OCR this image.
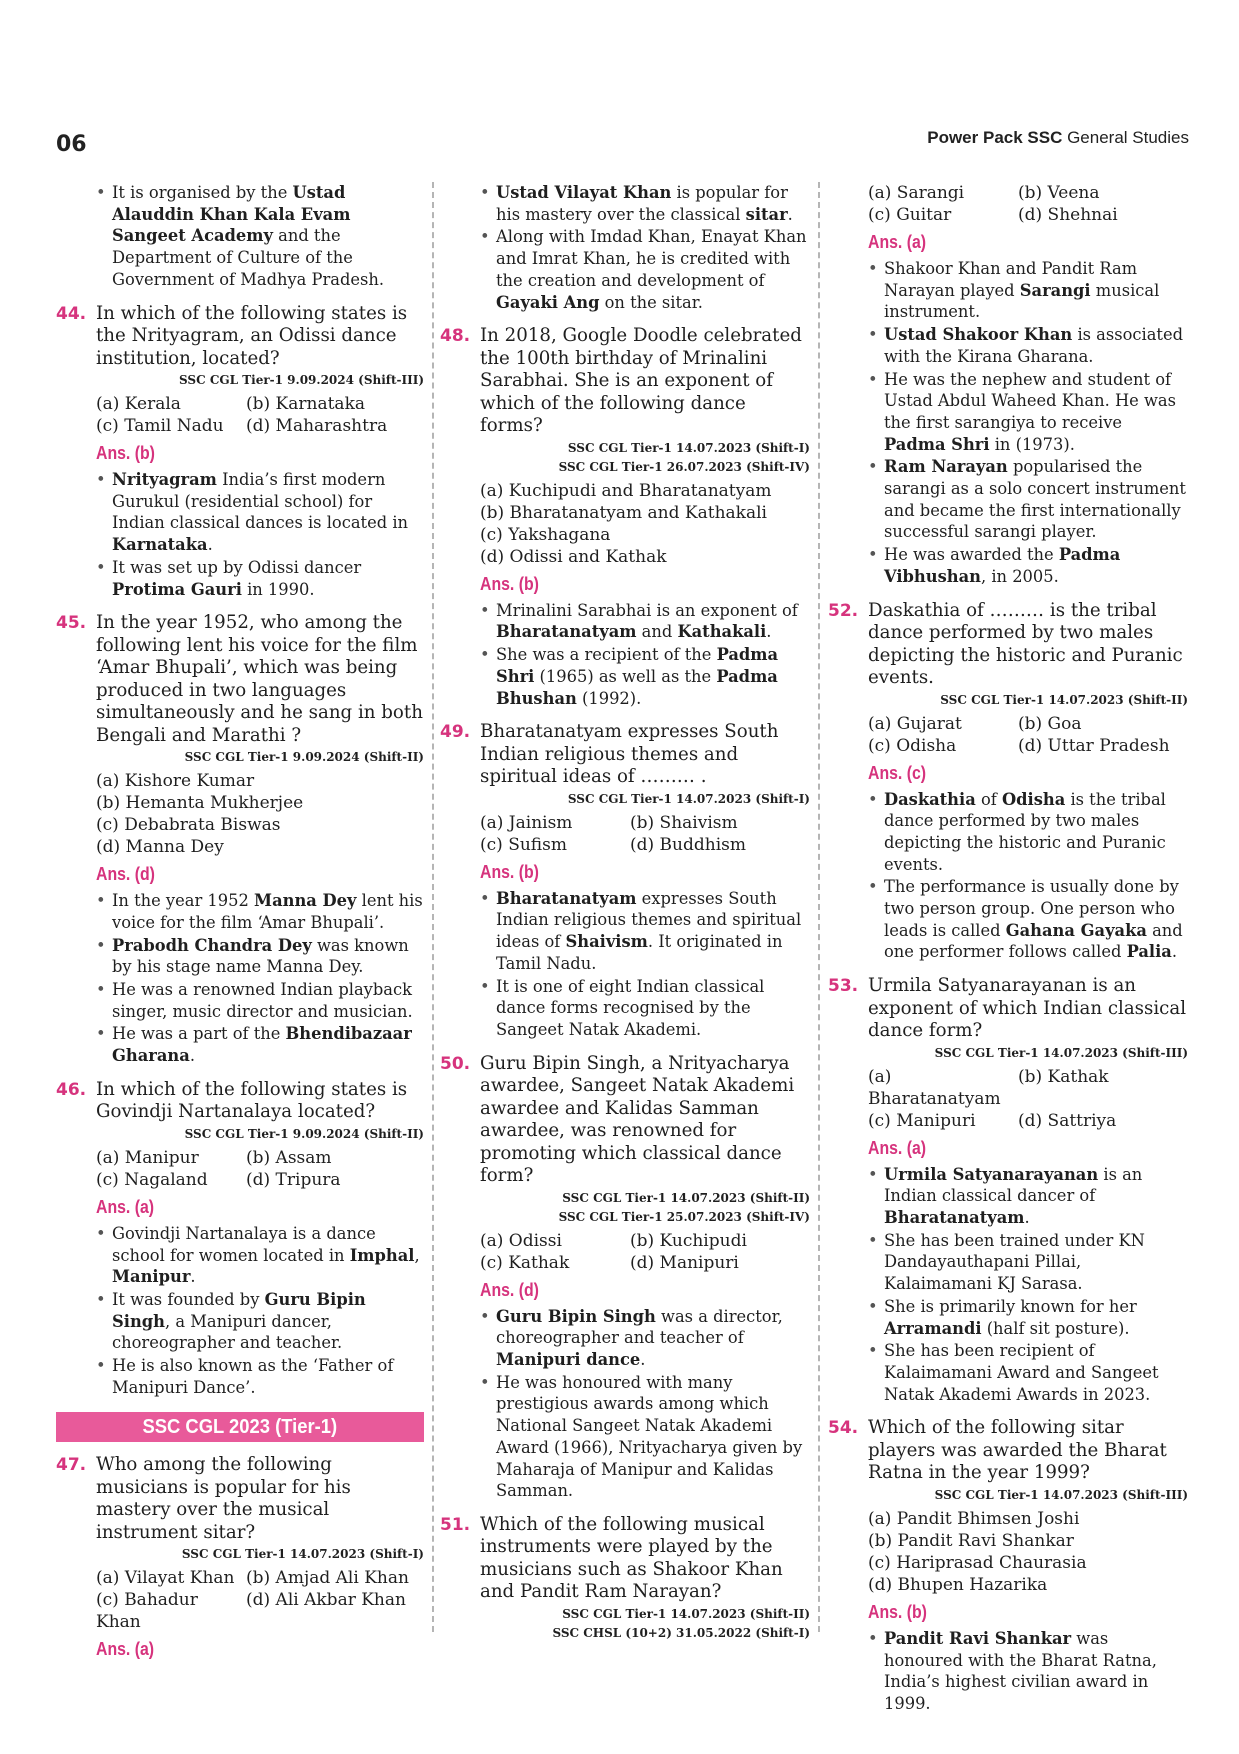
06	Power Pack SSC General Studies
• It is organised by the Ustad Alauddin Khan Kala Evam Sangeet Academy and the Department of Culture of the Government of Madhya Pradesh.
44. In which of the following states is the Nrityagram, an Odissi dance institution, located?
SSC CGL Tier-1 9.09.2024 (Shift-III)
(a) Kerala	(b) Karnataka
(c) Tamil Nadu	(d) Maharashtra
Ans. (b)
• Nrityagram India’s first modern Gurukul (residential school) for Indian classical dances is located in Karnataka.
• It was set up by Odissi dancer Protima Gauri in 1990.
45. In the year 1952, who among the following lent his voice for the film ‘Amar Bhupali’, which was being produced in two languages simultaneously and he sang in both Bengali and Marathi ?
SSC CGL Tier-1 9.09.2024 (Shift-II)
(a) Kishore Kumar
(b) Hemanta Mukherjee
(c) Debabrata Biswas
(d) Manna Dey
Ans. (d)
• In the year 1952 Manna Dey lent his voice for the film ‘Amar Bhupali’.
• Prabodh Chandra Dey was known by his stage name Manna Dey.
• He was a renowned Indian playback singer, music director and musician.
• He was a part of the Bhendibazaar Gharana.
46. In which of the following states is Govindji Nartanalaya located?
SSC CGL Tier-1 9.09.2024 (Shift-II)
(a) Manipur	(b) Assam
(c) Nagaland	(d) Tripura
Ans. (a)
• Govindji Nartanalaya is a dance school for women located in Imphal, Manipur.
• It was founded by Guru Bipin Singh, a Manipuri dancer, choreographer and teacher.
• He is also known as the ‘Father of Manipuri Dance’.
SSC CGL 2023 (Tier-1)
47. Who among the following musicians is popular for his mastery over the musical instrument sitar?
SSC CGL Tier-1 14.07.2023 (Shift-I)
(a) Vilayat Khan (b) Amjad Ali Khan
(c) Bahadur Khan
(d) Ali Akbar Khan
Ans. (a)
• Ustad Vilayat Khan is popular for his mastery over the classical sitar.
• Along with Imdad Khan, Enayat Khan and Imrat Khan, he is credited with the creation and development of Gayaki Ang on the sitar.
48. In 2018, Google Doodle celebrated the 100th birthday of Mrinalini Sarabhai. She is an exponent of which of the following dance forms?
SSC CGL Tier-1 14.07.2023 (Shift-I)
SSC CGL Tier-1 26.07.2023 (Shift-IV)
(a) Kuchipudi and Bharatanatyam
(b) Bharatanatyam and Kathakali
(c) Yakshagana
(d) Odissi and Kathak
Ans. (b)
• Mrinalini Sarabhai is an exponent of Bharatanatyam and Kathakali.
• She was a recipient of the Padma Shri (1965) as well as the Padma Bhushan (1992).
49. Bharatanatyam expresses South Indian religious themes and spiritual ideas of ……… .
SSC CGL Tier-1 14.07.2023 (Shift-I)
(a) Jainism	(b) Shaivism
(c) Sufism	(d) Buddhism
Ans. (b)
• Bharatanatyam expresses South Indian religious themes and spiritual ideas of Shaivism. It originated in Tamil Nadu.
• It is one of eight Indian classical dance forms recognised by the Sangeet Natak Akademi.
50. Guru Bipin Singh, a Nrityacharya awardee, Sangeet Natak Akademi awardee and Kalidas Samman awardee, was renowned for promoting which classical dance form?
SSC CGL Tier-1 14.07.2023 (Shift-II)
SSC CGL Tier-1 25.07.2023 (Shift-IV)
(a) Odissi	(b) Kuchipudi
(c) Kathak	(d) Manipuri
Ans. (d)
• Guru Bipin Singh was a director, choreographer and teacher of Manipuri dance.
• He was honoured with many prestigious awards among which National Sangeet Natak Akademi Award (1966), Nrityacharya given by Maharaja of Manipur and Kalidas Samman.
51. Which of the following musical instruments were played by the musicians such as Shakoor Khan and Pandit Ram Narayan?
SSC CGL Tier-1 14.07.2023 (Shift-II)
SSC CHSL (10+2) 31.05.2022 (Shift-I)
(a) Sarangi	(b) Veena
(c) Guitar	(d) Shehnai
Ans. (a)
• Shakoor Khan and Pandit Ram Narayan played Sarangi musical instrument.
• Ustad Shakoor Khan is associated with the Kirana Gharana.
• He was the nephew and student of Ustad Abdul Waheed Khan. He was the first sarangiya to receive Padma Shri in (1973).
• Ram Narayan popularised the sarangi as a solo concert instrument and became the first internationally successful sarangi player.
• He was awarded the Padma Vibhushan, in 2005.
52. Daskathia of ……… is the tribal dance performed by two males depicting the historic and Puranic events.
SSC CGL Tier-1 14.07.2023 (Shift-II)
(a) Gujarat	(b) Goa
(c) Odisha	(d) Uttar Pradesh
Ans. (c)
• Daskathia of Odisha is the tribal dance performed by two males depicting the historic and Puranic events.
• The performance is usually done by two person group. One person who leads is called Gahana Gayaka and one performer follows called Palia.
53. Urmila Satyanarayanan is an exponent of which Indian classical dance form?
SSC CGL Tier-1 14.07.2023 (Shift-III)
(a) Bharatanatyam
(b) Kathak
(c) Manipuri	(d) Sattriya
Ans. (a)
• Urmila Satyanarayanan is an Indian classical dancer of Bharatanatyam.
• She has been trained under KN Dandayauthapani Pillai, Kalaimamani KJ Sarasa.
• She is primarily known for her Arramandi (half sit posture).
• She has been recipient of Kalaimamani Award and Sangeet Natak Akademi Awards in 2023.
54. Which of the following sitar players was awarded the Bharat Ratna in the year 1999?
SSC CGL Tier-1 14.07.2023 (Shift-III)
(a) Pandit Bhimsen Joshi
(b) Pandit Ravi Shankar
(c) Hariprasad Chaurasia
(d) Bhupen Hazarika
Ans. (b)
• Pandit Ravi Shankar was honoured with the Bharat Ratna, India’s highest civilian award in 1999.
